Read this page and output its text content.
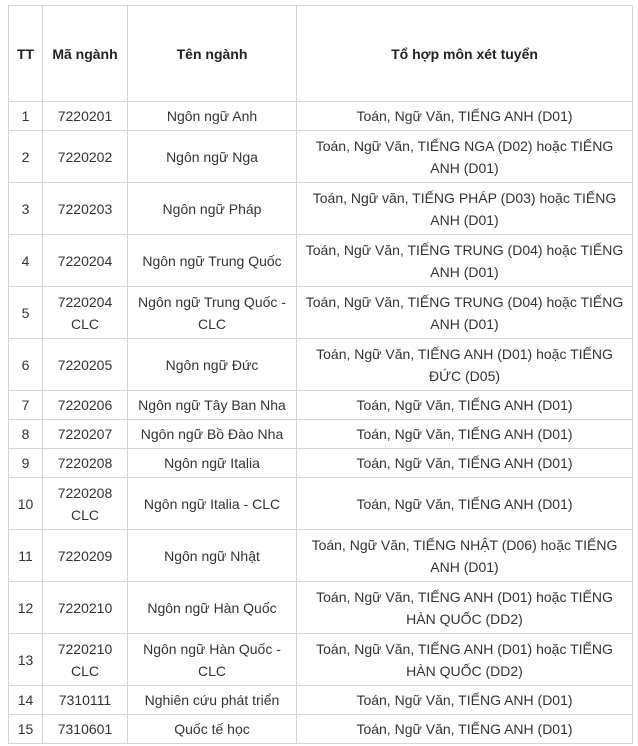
TT	Mã ngành	Tên ngành	Tổ hợp môn xét tuyển
1	7220201	Ngôn ngữ Anh	Toán, Ngữ Văn, TIẾNG ANH (D01)
2	7220202	Ngôn ngữ Nga	Toán, Ngữ Văn, TIẾNG NGA (D02) hoặc TIẾNG ANH (D01)
3	7220203	Ngôn ngữ Pháp	Toán, Ngữ văn, TIẾNG PHÁP (D03) hoặc TIẾNG ANH (D01)
4	7220204	Ngôn ngữ Trung Quốc	Toán, Ngữ Văn, TIẾNG TRUNG (D04) hoặc TIẾNG ANH (D01)
5	7220204 CLC	Ngôn ngữ Trung Quốc - CLC	Toán, Ngữ Văn, TIẾNG TRUNG (D04) hoặc TIẾNG ANH (D01)
6	7220205	Ngôn ngữ Đức	Toán, Ngữ Văn, TIẾNG ANH (D01) hoặc TIẾNG ĐỨC (D05)
7	7220206	Ngôn ngữ Tây Ban Nha	Toán, Ngữ Văn, TIẾNG ANH (D01)
8	7220207	Ngôn ngữ Bồ Đào Nha	Toán, Ngữ Văn, TIẾNG ANH (D01)
9	7220208	Ngôn ngữ Italia	Toán, Ngữ Văn, TIẾNG ANH (D01)
10	7220208 CLC	Ngôn ngữ Italia - CLC	Toán, Ngữ Văn, TIẾNG ANH (D01)
11	7220209	Ngôn ngữ Nhật	Toán, Ngữ Văn, TIẾNG NHẬT (D06) hoặc TIẾNG ANH (D01)
12	7220210	Ngôn ngữ Hàn Quốc	Toán, Ngữ Văn, TIẾNG ANH (D01) hoặc TIẾNG HÀN QUỐC (DD2)
13	7220210 CLC	Ngôn ngữ Hàn Quốc - CLC	Toán, Ngữ Văn, TIẾNG ANH (D01) hoặc TIẾNG HÀN QUỐC (DD2)
14	7310111	Nghiên cứu phát triển	Toán, Ngữ Văn, TIẾNG ANH (D01)
15	7310601	Quốc tế học	Toán, Ngữ Văn, TIẾNG ANH (D01)
